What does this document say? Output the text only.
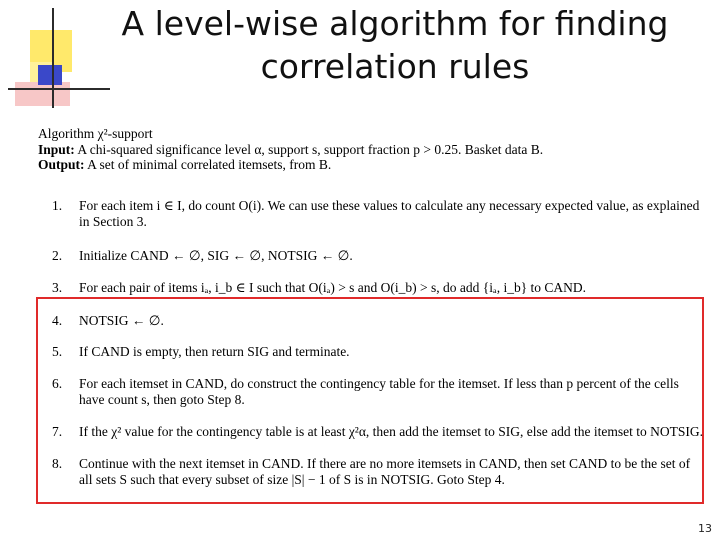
A level-wise algorithm for finding
correlation rules
Algorithm χ²-support
Input: A chi-squared significance level α, support s, support fraction p > 0.25. Basket data B.
Output: A set of minimal correlated itemsets, from B.
1.	For each item i ∈ I, do count O(i). We can use these values to calculate any necessary expected value, as explained in Section 3.
2.	Initialize CAND ← ∅, SIG ← ∅, NOTSIG ← ∅.
3.	For each pair of items iₐ, i_b ∈ I such that O(iₐ) > s and O(i_b) > s, do add {iₐ, i_b} to CAND.
4.	NOTSIG ← ∅.
5.	If CAND is empty, then return SIG and terminate.
6.	For each itemset in CAND, do construct the contingency table for the itemset. If less than p percent of the cells have count s, then goto Step 8.
7.	If the χ² value for the contingency table is at least χ²α, then add the itemset to SIG, else add the itemset to NOTSIG.
8.	Continue with the next itemset in CAND. If there are no more itemsets in CAND, then set CAND to be the set of all sets S such that every subset of size |S| − 1 of S is in NOTSIG. Goto Step 4.
13
